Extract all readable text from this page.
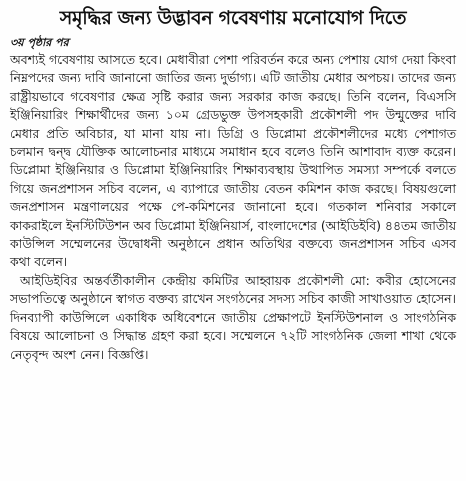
সমৃদ্ধির জন্য উদ্ভাবন গবেষণায় মনোযোগ দিতে

৩য় পৃষ্ঠার পর

অবশ্যই গবেষণায় আসতে হবে। মেধাবীরা পেশা পরিবর্তন করে অন্য পেশায় যোগ দেয়া কিংবা নিম্নপদের জন্য দাবি জানানো জাতির জন্য দুর্ভাগ্য। এটি জাতীয় মেধার অপচয়। তাদের জন্য রাষ্ট্রীয়ভাবে গবেষণার ক্ষেত্র সৃষ্টি করার জন্য সরকার কাজ করছে। তিনি বলেন, বিএসসি ইঞ্জিনিয়ারিং শিক্ষার্থীদের জন্য ১০ম গ্রেডভুক্ত উপসহকারী প্রকৌশলী পদ উন্মুক্তের দাবি মেধার প্রতি অবিচার, যা মানা যায় না। ডিগ্রি ও ডিপ্লোমা প্রকৌশলীদের মধ্যে পেশাগত চলমান দ্বন্দ্ব যৌক্তিক আলোচনার মাধ্যমে সমাধান হবে বলেও তিনি আশাবাদ ব্যক্ত করেন। ডিপ্লোমা ইঞ্জিনিয়ার ও ডিপ্লোমা ইঞ্জিনিয়ারিং শিক্ষাব্যবস্থায় উত্থাপিত সমস্যা সম্পর্কে বলতে গিয়ে জনপ্রশাসন সচিব বলেন, এ ব্যাপারে জাতীয় বেতন কমিশন কাজ করছে। বিষয়গুলো জনপ্রশাসন মন্ত্রণালয়ের পক্ষে পে-কমিশনের জানানো হবে। গতকাল শনিবার সকালে কাকরাইলে ইনস্টিটিউশন অব ডিপ্লোমা ইঞ্জিনিয়ার্স, বাংলাদেশের (আইডিইবি) ৪৪তম জাতীয় কাউন্সিল সম্মেলনের উদ্বোধনী অনুষ্ঠানে প্রধান অতিথির বক্তব্যে জনপ্রশাসন সচিব এসব কথা বলেন।

আইডিইবির অন্তর্বর্তীকালীন কেন্দ্রীয় কমিটির আহ্বায়ক প্রকৌশলী মো: কবীর হোসেনের সভাপতিত্বে অনুষ্ঠানে স্বাগত বক্তব্য রাখেন সংগঠনের সদস্য সচিব কাজী সাখাওয়াত হোসেন। দিনব্যাপী কাউন্সিলে একাধিক অধিবেশনে জাতীয় প্রেক্ষাপটে ইনস্টিউশনাল ও সাংগঠনিক বিষয়ে আলোচনা ও সিদ্ধান্ত গ্রহণ করা হবে। সম্মেলনে ৭২টি সাংগঠনিক জেলা শাখা থেকে নেতৃবৃন্দ অংশ নেন। বিজ্ঞপ্তি।
